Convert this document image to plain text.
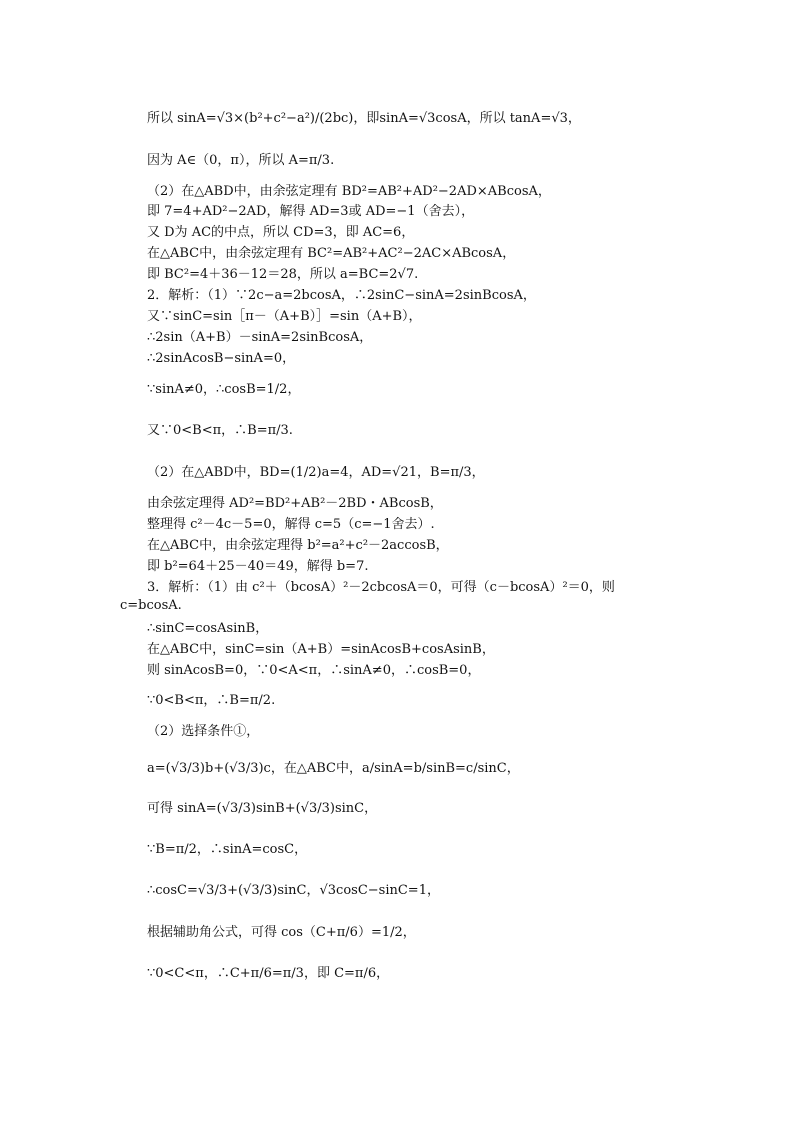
所以 sinA=√3×(b²+c²−a²)/(2bc)，即sinA=√3cosA，所以 tanA=√3，
因为 A∈（0，π），所以 A=π/3.
（2）在△ABD中，由余弦定理有 BD²=AB²+AD²−2AD×ABcosA，
即 7=4+AD²−2AD，解得 AD=3或 AD=−1（舍去），
又 D为 AC的中点，所以 CD=3，即 AC=6，
在△ABC中，由余弦定理有 BC²=AB²+AC²−2AC×ABcosA，
即 BC²=4＋36－12＝28，所以 a=BC=2√7.
2．解析：（1）∵2c−a=2bcosA，∴2sinC−sinA=2sinBcosA，
又∵sinC=sin［π－（A+B）］=sin（A+B），
∴2sin（A+B）－sinA=2sinBcosA，
∴2sinAcosB−sinA=0，
∵sinA≠0，∴cosB=1/2，
又∵0<B<π，∴B=π/3.
（2）在△ABD中，BD=(1/2)a=4，AD=√21，B=π/3，
由余弦定理得 AD²=BD²+AB²－2BD・ABcosB，
整理得 c²－4c－5=0，解得 c=5（c=−1舍去）.
在△ABC中，由余弦定理得 b²=a²+c²－2accosB，
即 b²=64＋25－40＝49，解得 b=7.
3．解析：（1）由 c²＋（bcosA）²－2cbcosA＝0，可得（c－bcosA）²＝0，则 c=bcosA.
∴sinC=cosAsinB，
在△ABC中，sinC=sin（A+B）=sinAcosB+cosAsinB，
则 sinAcosB=0，∵0<A<π，∴sinA≠0，∴cosB=0，
∵0<B<π，∴B=π/2.
（2）选择条件①，
a=(√3/3)b+(√3/3)c，在△ABC中，a/sinA=b/sinB=c/sinC，
可得 sinA=(√3/3)sinB+(√3/3)sinC，
∵B=π/2，∴sinA=cosC，
∴cosC=√3/3+(√3/3)sinC，√3cosC−sinC=1，
根据辅助角公式，可得 cos（C+π/6）=1/2，
∵0<C<π，∴C+π/6=π/3，即 C=π/6，
